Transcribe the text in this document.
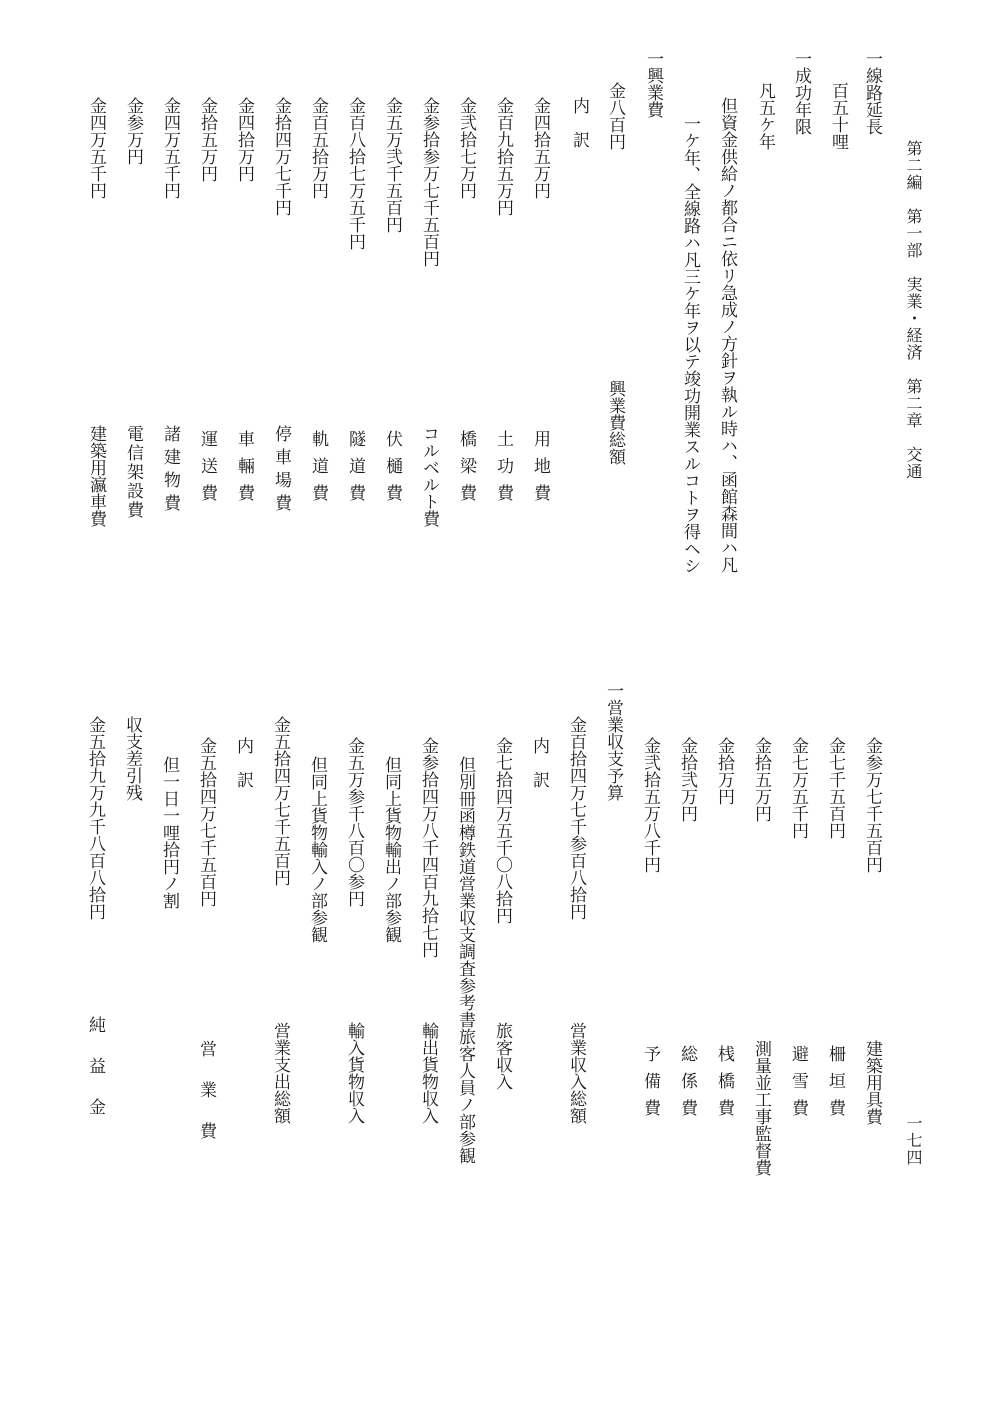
第二編　第一部　実業・経済　第二章　交通
一七四
一線路延長
百五十哩
一成功年限
凡五ケ年
但資金供給ノ都合ニ依リ急成ノ方針ヲ執ル時ハ、函館森間ハ凡
一ケ年、全線路ハ凡三ケ年ヲ以テ竣功開業スルコトヲ得ヘシ
一興業費
金八百円
興業費総額
内　訳
金四拾五万円
用地費
金百九拾五万円
土功費
金弐拾七万円
橋梁費
金参拾参万七千五百円
コルベルト費
金五万弐千五百円
伏樋費
金百八拾七万五千円
隧道費
金百五拾万円
軌道費
金拾四万七千円
停車場費
金四拾万円
車輛費
金拾五万円
運送費
金四万五千円
諸建物費
金参万円
電信架設費
金四万五千円
建築用瀛車費
金参万七千五百円
建築用具費
金七千五百円
柵垣費
金七万五千円
避雪費
金拾五万円
測量並工事監督費
金拾万円
桟橋費
金拾弐万円
総係費
金弐拾五万八千円
予備費
一営業収支予算
金百拾四万七千参百八拾円
営業収入総額
内　訳
金七拾四万五千〇八拾円
旅客収入
但別冊函樽鉄道営業収支調査参考書旅客人員ノ部参観
金参拾四万八千四百九拾七円
輸出貨物収入
但同上貨物輸出ノ部参観
金五万参千八百〇参円
輸入貨物収入
但同上貨物輸入ノ部参観
金五拾四万七千五百円
営業支出総額
内　訳
金五拾四万七千五百円
営業費
但一日一哩拾円ノ割
収支差引残
金五拾九万九千八百八拾円
純益金
